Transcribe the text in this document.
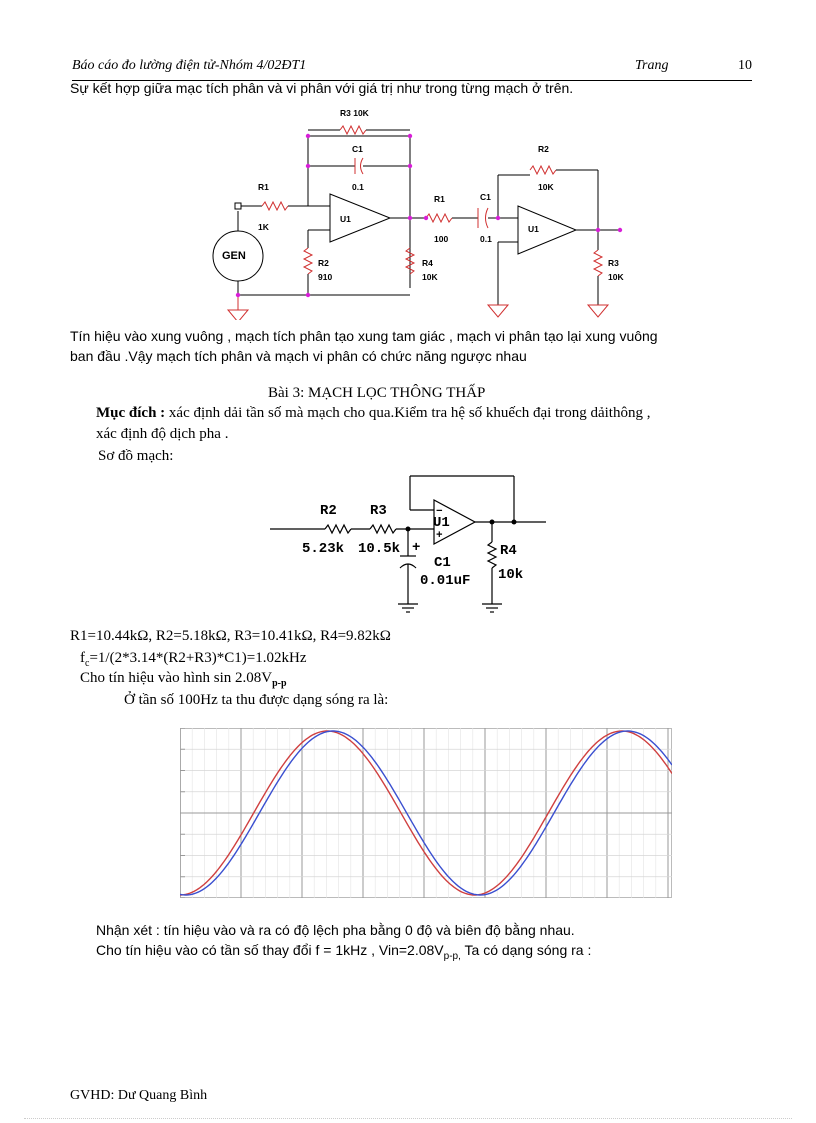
Báo cáo đo lường điện tử-Nhóm 4/02ĐT1	Trang	10
Sự kết hợp giữa mạc tích phân và vi phân với giá trị như trong từng mạch ở trên.
GEN
R3 10K
C1
0.1
R1
1K
U1
R2
910
R4
10K
R1
100
C1
0.1
U1
R2
10K
R3
10K
Tín hiệu vào xung vuông , mạch tích phân tạo xung tam giác , mạch vi phân tạo lại xung vuông
ban đầu .Vậy mạch tích phân và mạch vi phân có chức năng ngược nhau
Bài 3: MẠCH LỌC THÔNG THẤP
Mục đích : xác định dải tần số mà mạch cho qua.Kiểm tra hệ số khuếch đại trong dảithông ,
xác định độ dịch pha .
Sơ đồ mạch:
R2
5.23k
R3
10.5k
U1
−
+
+
C1
0.01uF
R4
10k
R1=10.44kΩ, R2=5.18kΩ, R3=10.41kΩ, R4=9.82kΩ
$f_c=1/(2*3.14*(R2+R3)*C1)=1.02kHz$
Cho tín hiệu vào hình $\sin 2.08V_{p-p}$
Ở tần số 100Hz ta thu được dạng sóng ra là:
Nhận xét : tín hiệu vào và ra có độ lệch pha bằng 0 độ và biên độ bằng nhau.
Cho tín hiệu vào có tần số thay đổi f = 1kHz , $Vin=2.08V_{p-p,}$ Ta có dạng sóng ra :
GVHD: Dư Quang Bình
